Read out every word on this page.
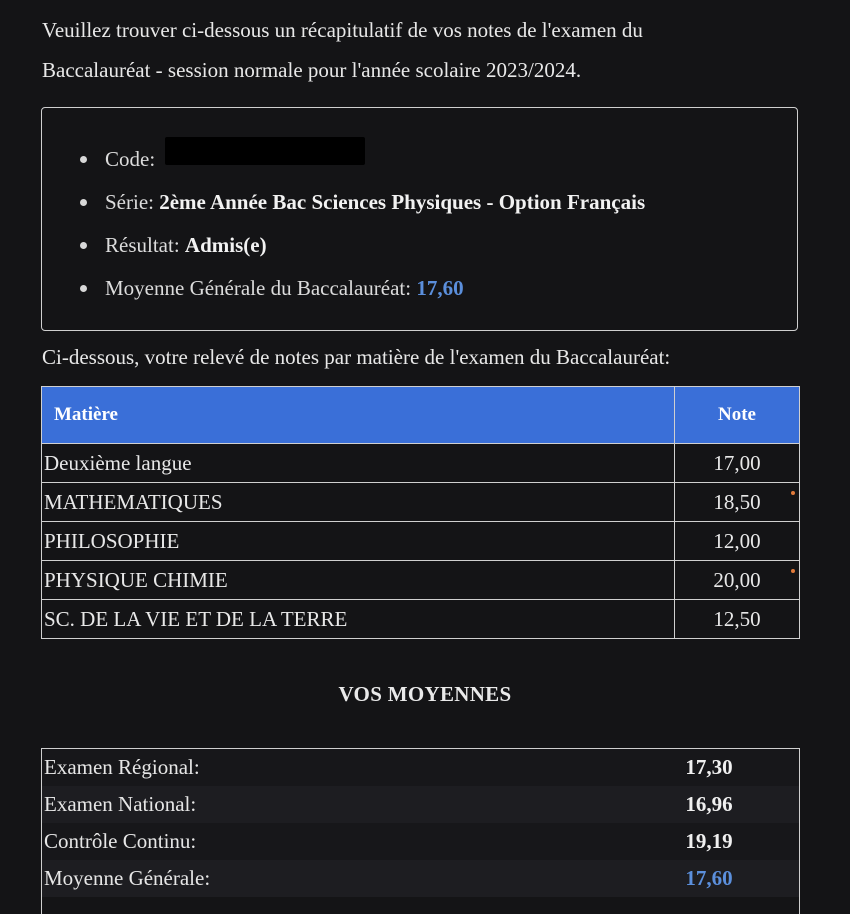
Veuillez trouver ci-dessous un récapitulatif de vos notes de l'examen du
Baccalauréat - session normale pour l'année scolaire 2023/2024.
Code:
Série:
2ème Année Bac Sciences Physiques - Option Français
Résultat:
Admis(e)
Moyenne Générale du Baccalauréat:
17,60
Ci-dessous, votre relevé de notes par matière de l'examen du Baccalauréat:
Matière	Note
Deuxième langue	17,00
MATHEMATIQUES	18,50

PHILOSOPHIE	12,00
PHYSIQUE CHIMIE	20,00

SC. DE LA VIE ET DE LA TERRE	12,50
VOS MOYENNES
Examen Régional:	17,30
Examen National:	16,96
Contrôle Continu:	19,19
Moyenne Générale:	17,60
